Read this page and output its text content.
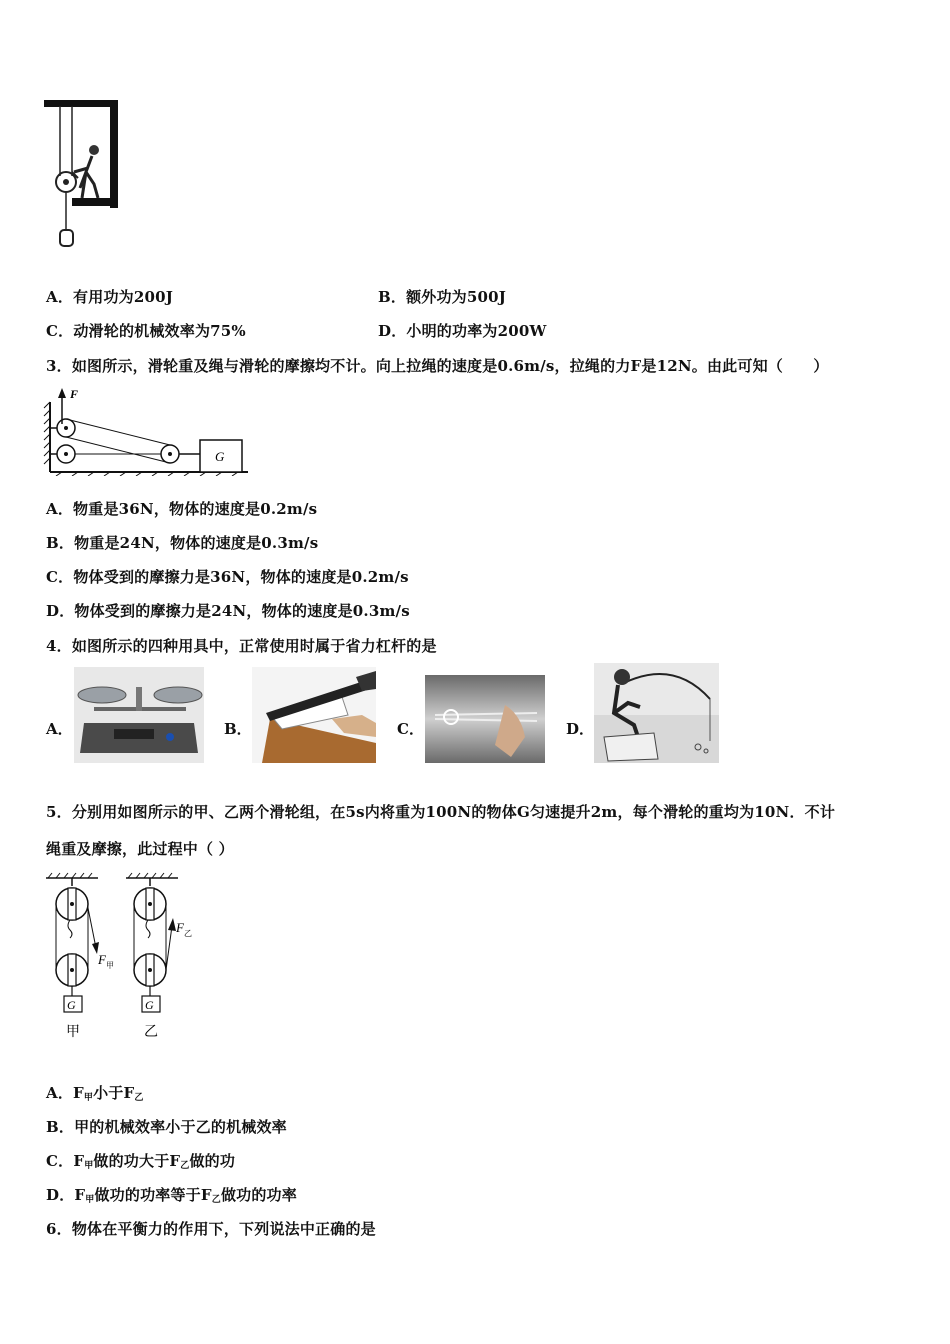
A．有用功为200J	B．额外功为500J
C．动滑轮的机械效率为75%	D．小明的功率为200W
3．如图所示，滑轮重及绳与滑轮的摩擦均不计。向上拉绳的速度是0.6m/s，拉绳的力F是12N。由此可知（　　）
F
G
A．物重是36N，物体的速度是0.2m/s
B．物重是24N，物体的速度是0.3m/s
C．物体受到的摩擦力是36N，物体的速度是0.2m/s
D．物体受到的摩擦力是24N，物体的速度是0.3m/s
4．如图所示的四种用具中，正常使用时属于省力杠杆的是
A．	B．	C．	D．
5．分别用如图所示的甲、乙两个滑轮组，在5s内将重为100N的物体G匀速提升2m，每个滑轮的重均为10N．不计
绳重及摩擦，此过程中（ ）
G
F 甲
甲
G
F 乙
乙
A．$F_甲$小于$F_乙$
B．甲的机械效率小于乙的机械效率
C．$F_甲$做的功大于$F_乙$做的功
D．$F_甲$做功的功率等于$F_乙$做功的功率
6．物体在平衡力的作用下，下列说法中正确的是
